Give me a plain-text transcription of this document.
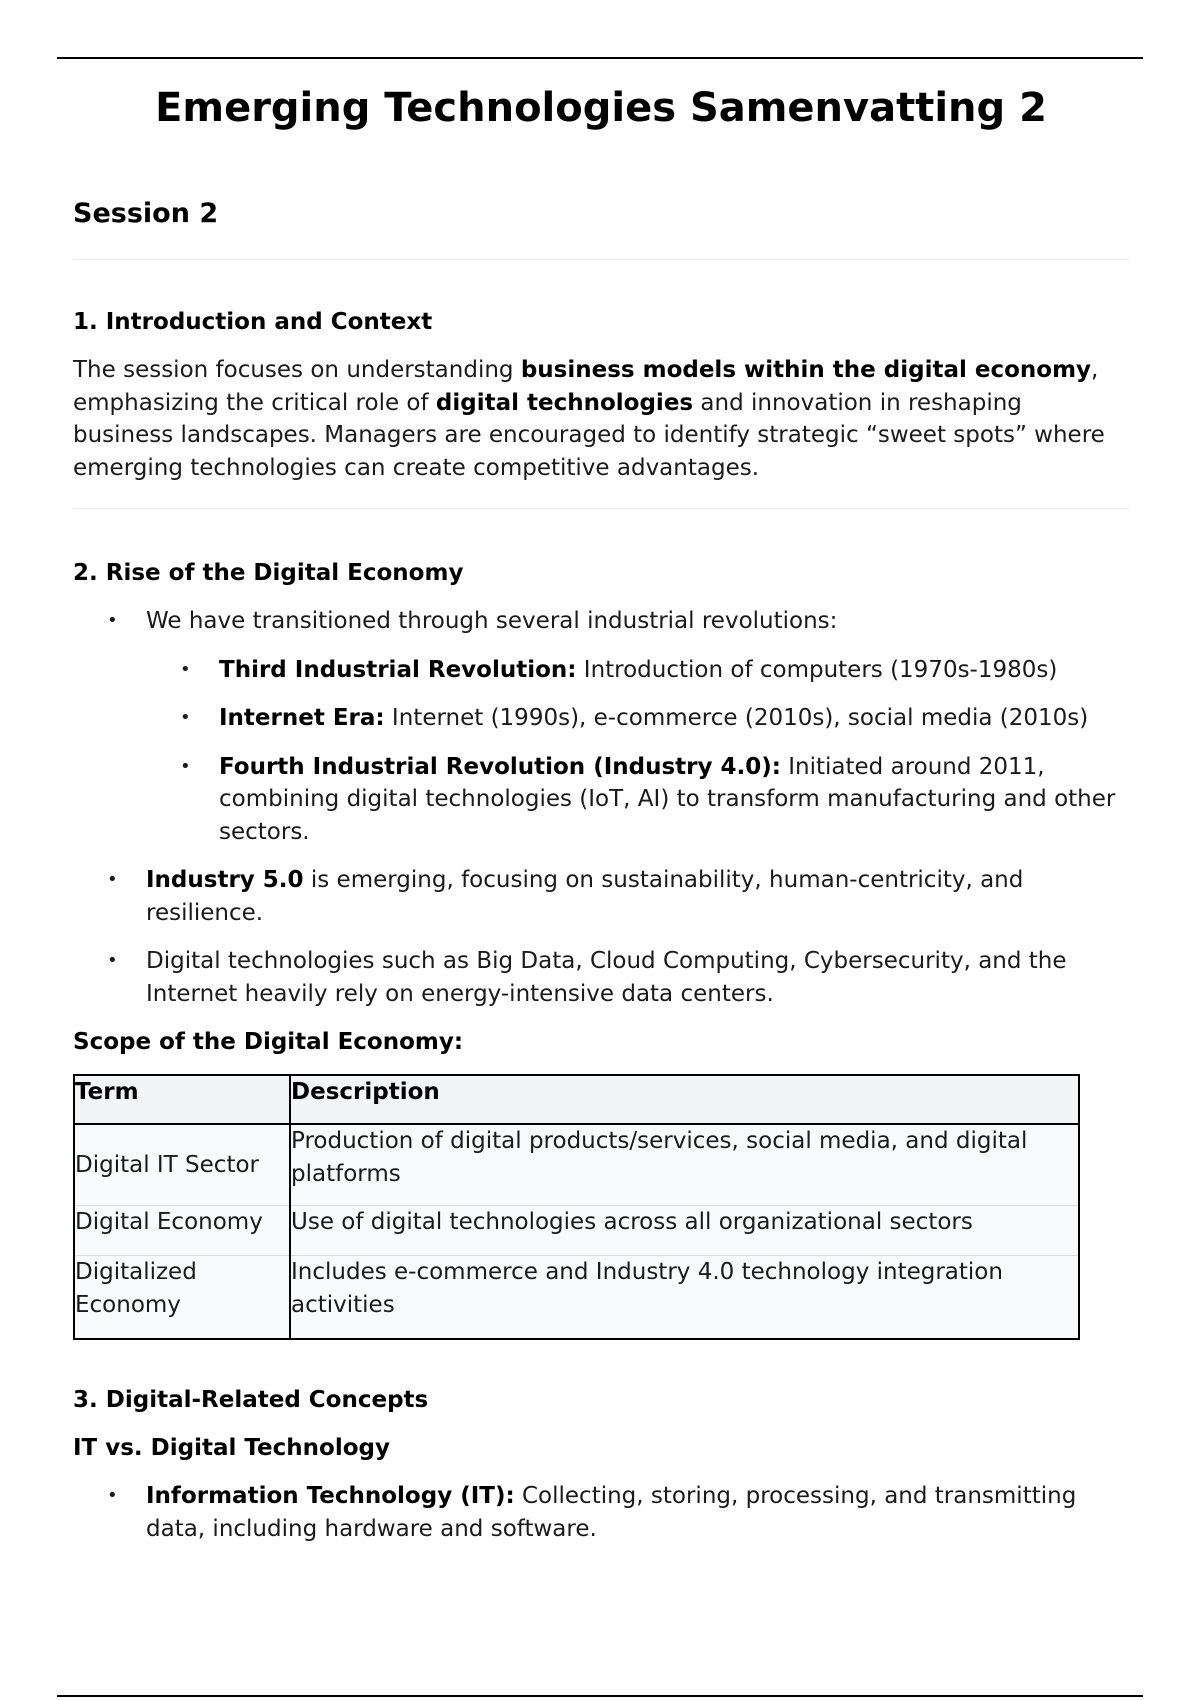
Emerging Technologies Samenvatting 2
Session 2
1. Introduction and Context

The session focuses on understanding business models within the digital economy, emphasizing the critical role of digital technologies and innovation in reshaping business landscapes. Managers are encouraged to identify strategic “sweet spots” where emerging technologies can create competitive advantages.

2. Rise of the Digital Economy
• We have transitioned through several industrial revolutions:
• Third Industrial Revolution: Introduction of computers (1970s-1980s)
• Internet Era: Internet (1990s), e-commerce (2010s), social media (2010s)
• Fourth Industrial Revolution (Industry 4.0): Initiated around 2011, combining digital technologies (IoT, AI) to transform manufacturing and other sectors.
• Industry 5.0 is emerging, focusing on sustainability, human-centricity, and resilience.
• Digital technologies such as Big Data, Cloud Computing, Cybersecurity, and the Internet heavily rely on energy-intensive data centers.
Scope of the Digital Economy:
Term	Description
Digital IT Sector	Production of digital products/services, social media, and digital platforms
Digital Economy	Use of digital technologies across all organizational sectors
Digitalized Economy	Includes e-commerce and Industry 4.0 technology integration activities
3. Digital-Related Concepts
IT vs. Digital Technology
• Information Technology (IT): Collecting, storing, processing, and transmitting data, including hardware and software.
